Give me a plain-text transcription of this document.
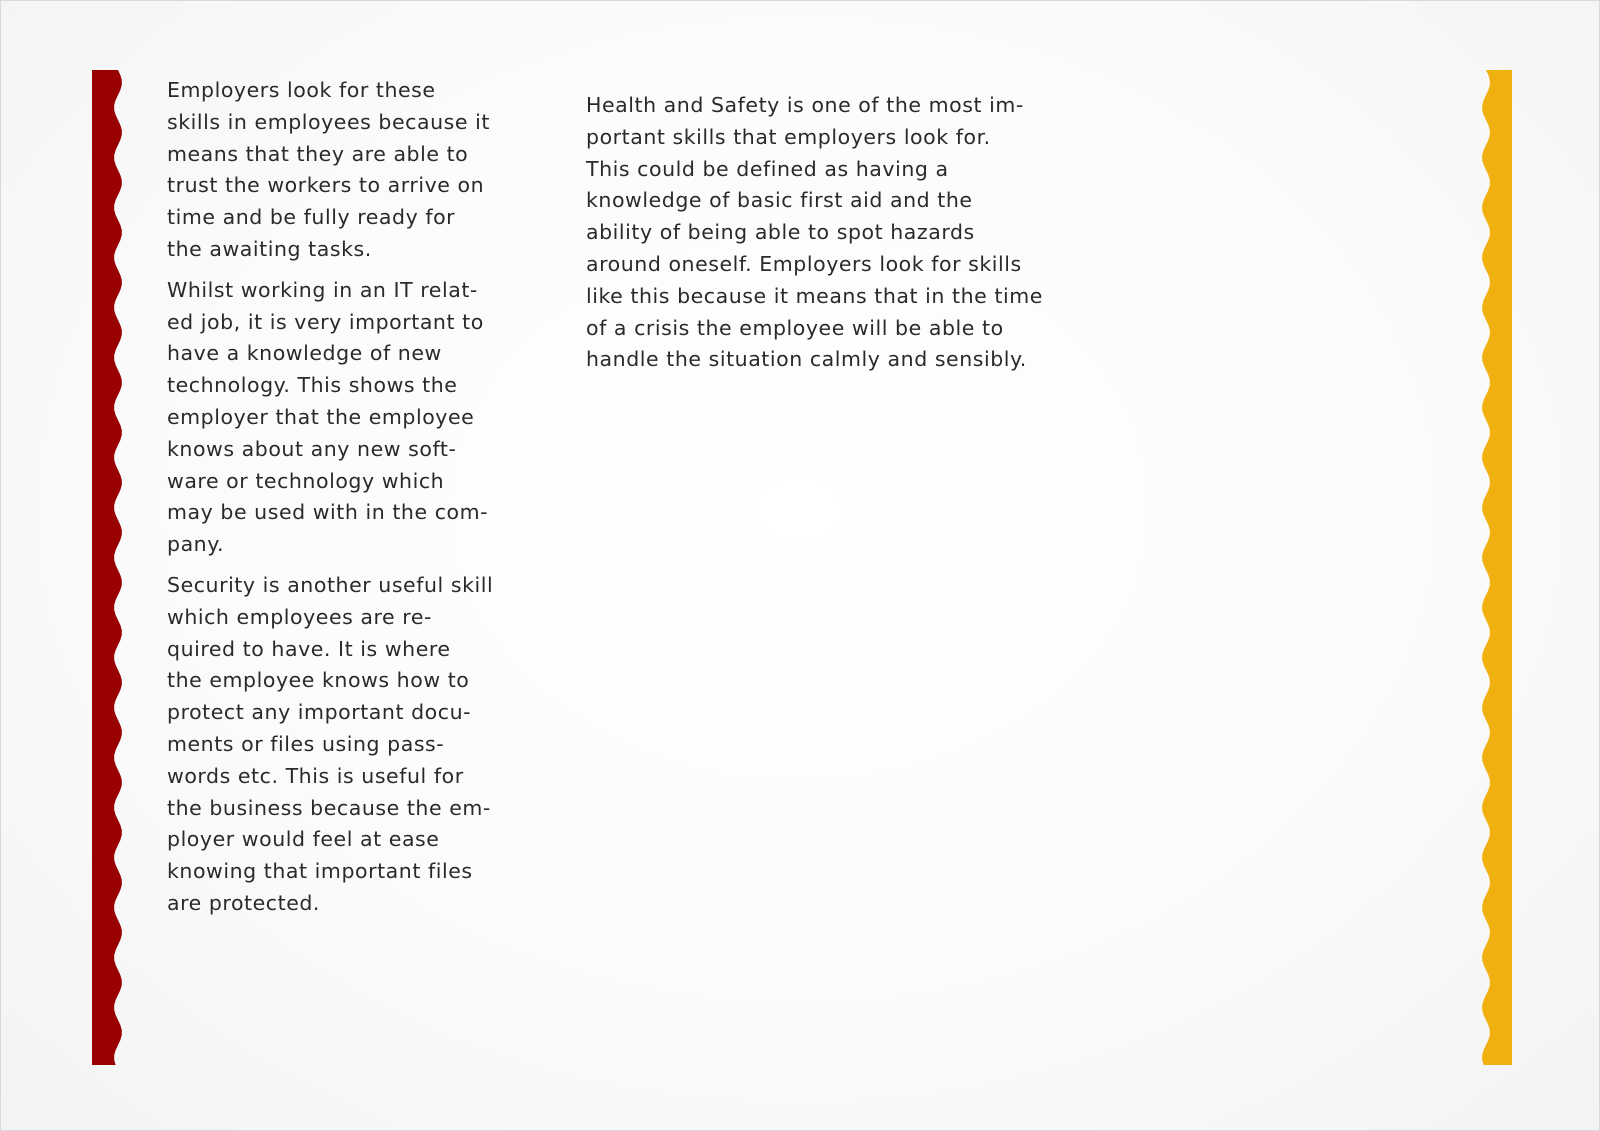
Employers look for these
skills in employees because it
means that they are able to
trust the workers to arrive on
time and be fully ready for
the awaiting tasks.

Whilst working in an IT relat-
ed job, it is very important to
have a knowledge of new
technology. This shows the
employer that the employee
knows about any new soft-
ware or technology which
may be used with in the com-
pany.

Security is another useful skill
which employees are re-
quired to have. It is where
the employee knows how to
protect any important docu-
ments or files using pass-
words etc. This is useful for
the business because the em-
ployer would feel at ease
knowing that important files
are protected.

Health and Safety is one of the most im-
portant skills that employers look for.
This could be defined as having a
knowledge of basic first aid and the
ability of being able to spot hazards
around oneself. Employers look for skills
like this because it means that in the time
of a crisis the employee will be able to
handle the situation calmly and sensibly.
